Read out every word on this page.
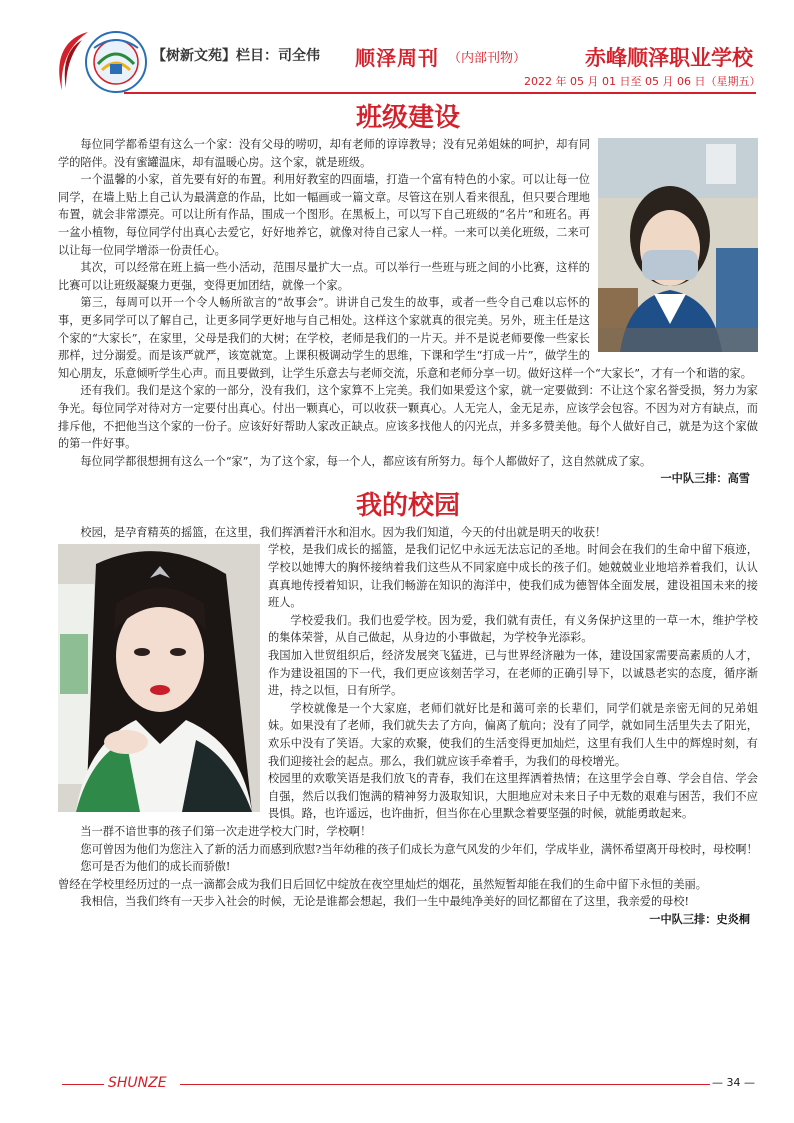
【树新文苑】栏目：司全伟 顺泽周刊 （内部刊物）	赤峰顺泽职业学校
2022 年 05 月 01 日至 05 月 06 日（星期五）
班级建设

每位同学都希望有这么一个家：没有父母的唠叨，却有老师的谆谆教导；没有兄弟姐妹的呵护，却有同学的陪伴。没有蜜罐温床，却有温暖心房。这个家，就是班级。

一个温馨的小家，首先要有好的布置。利用好教室的四面墙，打造一个富有特色的小家。可以让每一位同学，在墙上贴上自己认为最满意的作品，比如一幅画或一篇文章。尽管这在别人看来很乱，但只要合理地布置，就会非常漂亮。可以让所有作品，围成一个图形。在黑板上，可以写下自己班级的“名片”和班名。再一盆小植物，每位同学付出真心去爱它，好好地养它，就像对待自己家人一样。一来可以美化班级，二来可以让每一位同学增添一份责任心。

其次，可以经常在班上搞一些小活动，范围尽量扩大一点。可以举行一些班与班之间的小比赛，这样的比赛可以让班级凝聚力更强，变得更加团结，就像一个家。

第三，每周可以开一个令人畅所欲言的“故事会”。讲讲自己发生的故事，或者一些令自己难以忘怀的事，更多同学可以了解自己，让更多同学更好地与自己相处。这样这个家就真的很完美。另外，班主任是这个家的“大家长”，在家里，父母是我们的大树；在学校，老师是我们的一片天。并不是说老师要像一些家长那样，过分溺爱。而是该严就严，该宽就宽。上课积极调动学生的思维，下课和学生“打成一片”，做学生的知心朋友，乐意倾听学生心声。而且要做到，让学生乐意去与老师交流，乐意和老师分享一切。做好这样一个“大家长”，才有一个和谐的家。

还有我们。我们是这个家的一部分，没有我们，这个家算不上完美。我们如果爱这个家，就一定要做到：不让这个家名誉受损，努力为家争光。每位同学对待对方一定要付出真心。付出一颗真心，可以收获一颗真心。人无完人，金无足赤，应该学会包容。不因为对方有缺点，而排斥他，不把他当这个家的一份子。应该好好帮助人家改正缺点。应该多找他人的闪光点，并多多赞美他。每个人做好自己，就是为这个家做的第一件好事。

每位同学都很想拥有这么一个“家”，为了这个家，每一个人，都应该有所努力。每个人都做好了，这自然就成了家。

一中队三排：高雪

我的校园

校园，是孕育精英的摇篮，在这里，我们挥洒着汗水和泪水。因为我们知道，今天的付出就是明天的收获！

学校，是我们成长的摇篮，是我们记忆中永远无法忘记的圣地。时间会在我们的生命中留下痕迹，学校以她博大的胸怀接纳着我们这些从不同家庭中成长的孩子们。她兢兢业业地培养着我们，认认真真地传授着知识，让我们畅游在知识的海洋中，使我们成为德智体全面发展，建设祖国未来的接班人。

学校爱我们。我们也爱学校。因为爱，我们就有责任，有义务保护这里的一草一木，维护学校的集体荣誉，从自己做起，从身边的小事做起，为学校争光添彩。

我国加入世贸组织后，经济发展突飞猛进，已与世界经济融为一体，建设国家需要高素质的人才，作为建设祖国的下一代，我们更应该刻苦学习，在老师的正确引导下，以诚恳老实的态度，循序渐进，持之以恒，日有所学。

学校就像是一个大家庭，老师们就好比是和蔼可亲的长辈们，同学们就是亲密无间的兄弟姐妹。如果没有了老师，我们就失去了方向，偏离了航向；没有了同学，就如同生活里失去了阳光，欢乐中没有了笑语。大家的欢聚，使我们的生活变得更加灿烂，这里有我们人生中的辉煌时刻，有我们迎接社会的起点。那么，我们就应该手牵着手，为我们的母校增光。

校园里的欢歌笑语是我们放飞的青春，我们在这里挥洒着热情；在这里学会自尊、学会自信、学会自强，然后以我们饱满的精神努力汲取知识，大胆地应对未来日子中无数的艰难与困苦，我们不应畏惧。路，也许遥远，也许曲折，但当你在心里默念着要坚强的时候，就能勇敢起来。

当一群不谙世事的孩子们第一次走进学校大门时，学校啊！

您可曾因为他们为您注入了新的活力而感到欣慰?当年幼稚的孩子们成长为意气风发的少年们，学成毕业，满怀希望离开母校时，母校啊！

您可是否为他们的成长而骄傲!

曾经在学校里经历过的一点一滴都会成为我们日后回忆中绽放在夜空里灿烂的烟花，虽然短暂却能在我们的生命中留下永恒的美丽。

我相信，当我们终有一天步入社会的时候，无论是谁都会想起，我们一生中最纯净美好的回忆都留在了这里，我亲爱的母校!

一中队三排：史炎桐

SHUNZE	— 34 —
